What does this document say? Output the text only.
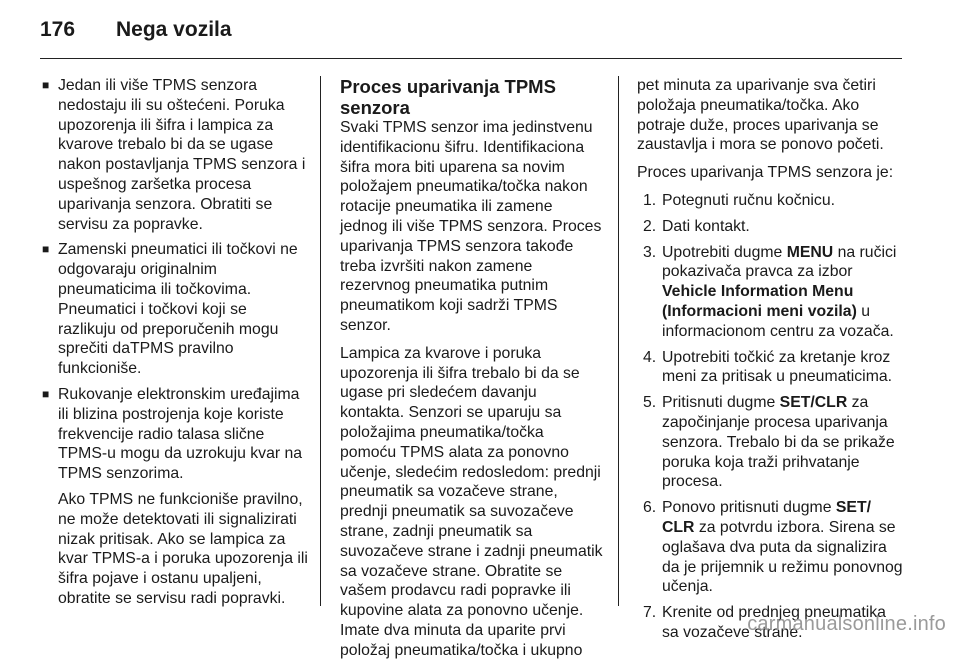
176 Nega vozila
■ Jedan ili više TPMS senzora nedostaju ili su oštećeni. Poruka upozorenja ili šifra i lampica za kvarove trebalo bi da se ugase nakon postavljanja TPMS senzora i uspešnog zaršetka procesa uparivanja senzora. Obratiti se servisu za popravke.
■ Zamenski pneumatici ili točkovi ne odgovaraju originalnim pneumaticima ili točkovima. Pneumatici i točkovi koji se razlikuju od preporučenih mogu sprečiti daTPMS pravilno funkcioniše.
■ Rukovanje elektronskim uređajima ili blizina postrojenja koje koriste frekvencije radio talasa slične TPMS-u mogu da uzrokuju kvar na TPMS senzorima.

Ako TPMS ne funkcioniše pravilno, ne može detektovati ili signalizirati nizak pritisak. Ako se lampica za kvar TPMS-a i poruka upozorenja ili šifra pojave i ostanu upaljeni, obratite se servisu radi popravki.

Proces uparivanja TPMS senzora

Svaki TPMS senzor ima jedinstvenu identifikacionu šifru. Identifikaciona šifra mora biti uparena sa novim položajem pneumatika/točka nakon rotacije pneumatika ili zamene jednog ili više TPMS senzora. Proces uparivanja TPMS senzora takođe treba izvršiti nakon zamene rezervnog pneumatika putnim pneumatikom koji sadrži TPMS senzor.

Lampica za kvarove i poruka upozorenja ili šifra trebalo bi da se ugase pri sledećem davanju kontakta. Senzori se uparuju sa položajima pneumatika/točka pomoću TPMS alata za ponovno učenje, sledećim redosledom: prednji pneumatik sa vozačeve strane, prednji pneumatik sa suvozačeve strane, zadnji pneumatik sa suvozačeve strane i zadnji pneumatik sa vozačeve strane. Obratite se vašem prodavcu radi popravke ili kupovine alata za ponovno učenje. Imate dva minuta da uparite prvi položaj pneumatika/točka i ukupno

pet minuta za uparivanje sva četiri položaja pneumatika/točka. Ako potraje duže, proces uparivanja se zaustavlja i mora se ponovo početi.

Proces uparivanja TPMS senzora je:

1. Potegnuti ručnu kočnicu.
2. Dati kontakt.
3. Upotrebiti dugme MENU na ručici pokazivača pravca za izbor Vehicle Information Menu (Informacioni meni vozila) u informacionom centru za vozača.
4. Upotrebiti točkić za kretanje kroz meni za pritisak u pneumaticima.
5. Pritisnuti dugme SET/CLR za započinjanje procesa uparivanja senzora. Trebalo bi da se prikaže poruka koja traži prihvatanje procesa.
6. Ponovo pritisnuti dugme SET/ CLR za potvrdu izbora. Sirena se oglašava dva puta da signalizira da je prijemnik u režimu ponovnog učenja.
7. Krenite od prednjeg pneumatika sa vozačeve strane.
carmanualsonline.info
